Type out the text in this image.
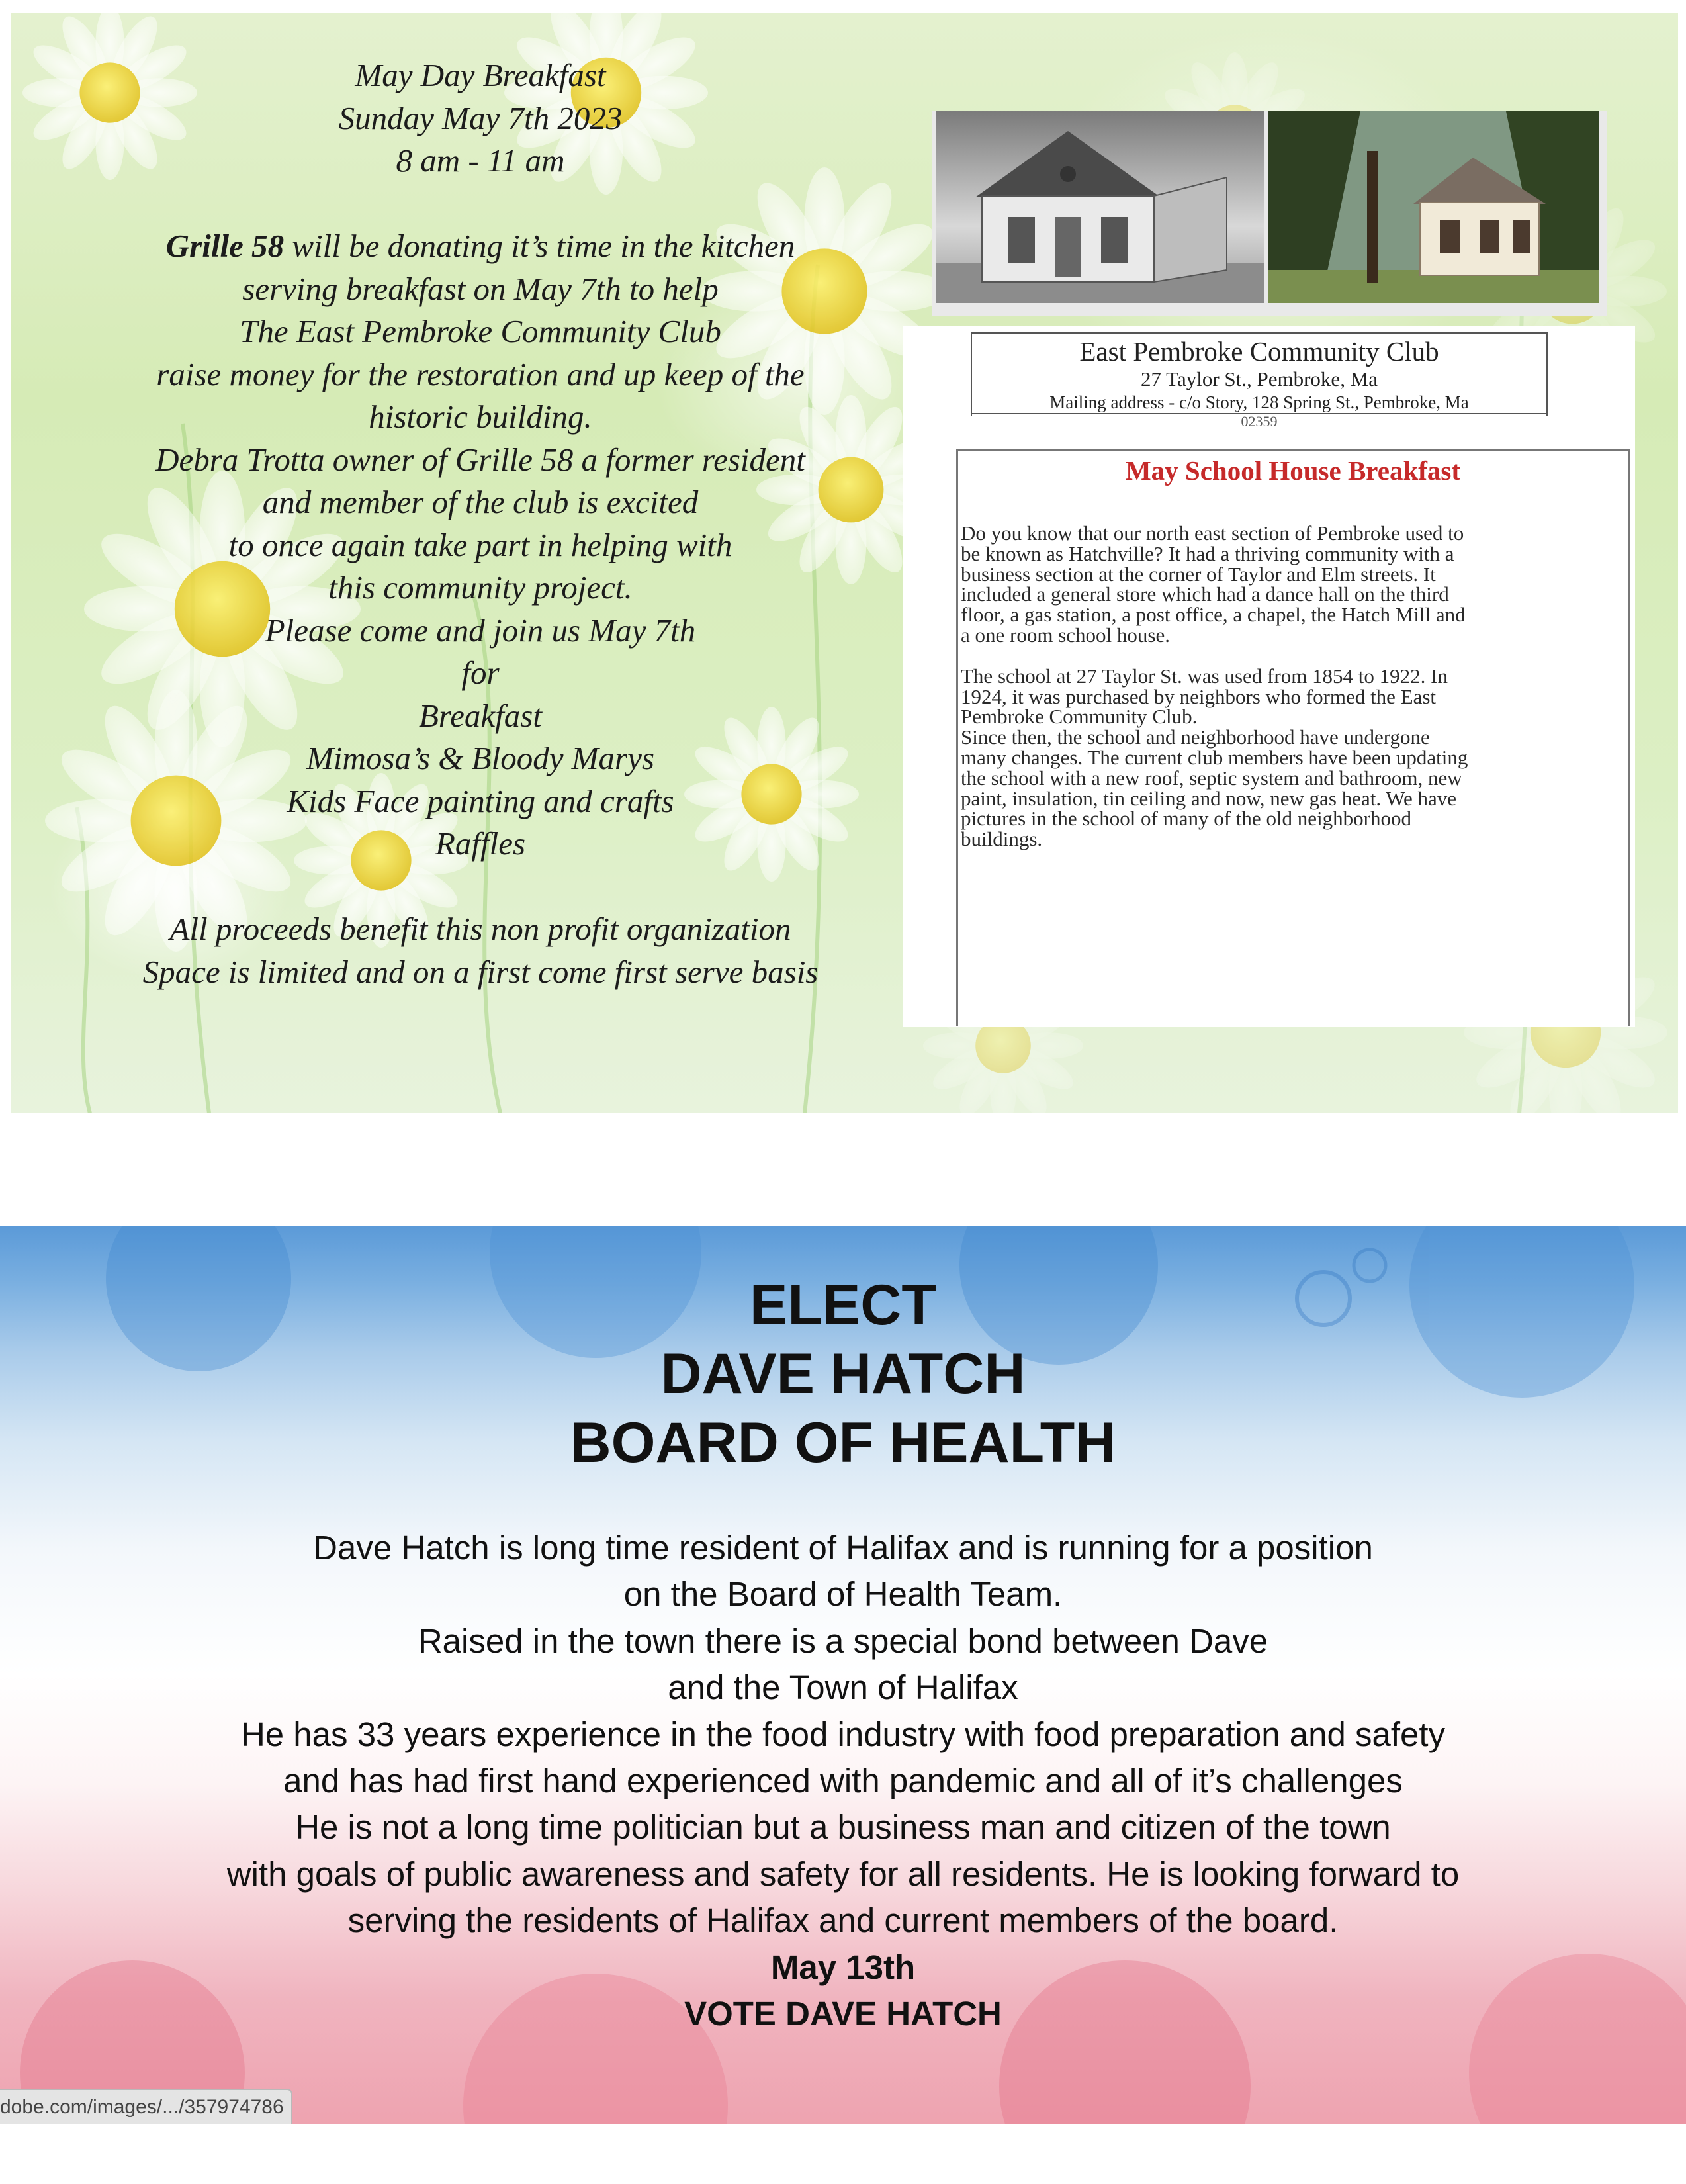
May Day Breakfast
Sunday May 7th 2023
8 am - 11 am
Grille 58 will be donating it’s time in the kitchen
serving breakfast on May 7th to help
The East Pembroke Community Club
raise money for the restoration and up keep of the
historic building.
Debra Trotta owner of Grille 58 a former resident
and member of the club is excited
to once again take part in helping with
this community project.
Please come and join us May 7th
for
Breakfast
Mimosa’s & Bloody Marys
Kids Face painting and crafts
Raffles
All proceeds benefit this non profit organization
Space is limited and on a first come first serve basis
East Pembroke Community Club
27 Taylor St., Pembroke, Ma
Mailing address - c/o Story, 128 Spring St., Pembroke, Ma
02359
May School House Breakfast
Do you know that our north east section of Pembroke used to
be known as Hatchville? It had a thriving community with a
business section at the corner of Taylor and Elm streets. It
included a general store which had a dance hall on the third
floor, a gas station, a post office, a chapel, the Hatch Mill and
a one room school house.
The school at 27 Taylor St. was used from 1854 to 1922. In
1924, it was purchased by neighbors who formed the East
Pembroke Community Club.
Since then, the school and neighborhood have undergone
many changes. The current club members have been updating
the school with a new roof, septic system and bathroom, new
paint, insulation, tin ceiling and now, new gas heat. We have
pictures in the school of many of the old neighborhood
buildings.
ELECT
DAVE HATCH
BOARD OF HEALTH
Dave Hatch is long time resident of Halifax and is running for a position
on the Board of Health Team.
Raised in the town there is a special bond between Dave
and the Town of Halifax
He has 33 years experience in the food industry with food preparation and safety
and has had first hand experienced with pandemic and all of it’s challenges
He is not a long time politician but a business man and citizen of the town
with goals of public awareness and safety for all residents. He is looking forward to
serving the residents of Halifax and current members of the board.
May 13th
VOTE DAVE HATCH
dobe.com/images/.../357974786
